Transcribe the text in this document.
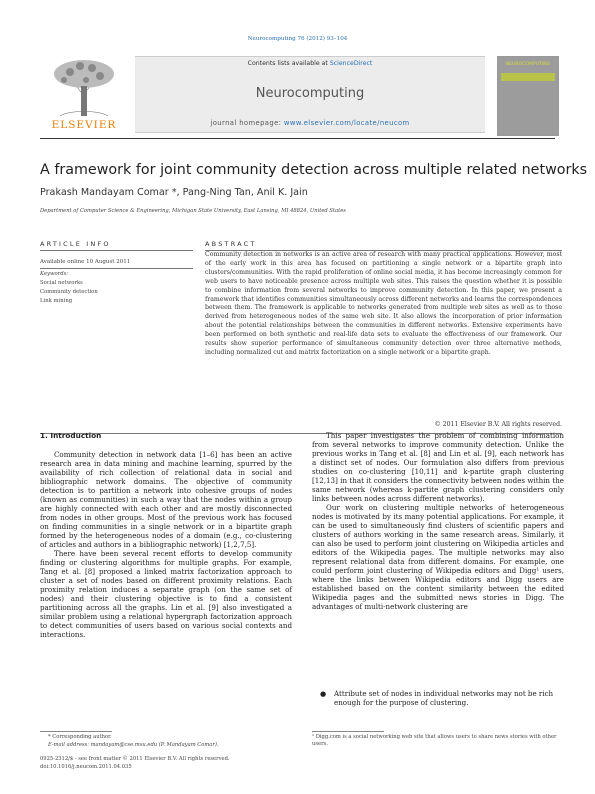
Neurocomputing 76 (2012) 93–104
Contents lists available at ScienceDirect
Neurocomputing
journal homepage: www.elsevier.com/locate/neucom
ELSEVIER
NEUROCOMPUTING
A framework for joint community detection across multiple related networks
Prakash Mandayam Comar *, Pang-Ning Tan, Anil K. Jain
Department of Computer Science & Engineering, Michigan State University, East Lansing, MI 48824, United States
ARTICLE INFO
Available online 10 August 2011
Keywords:
Social networks
Community detection
Link mining
ABSTRACT
Community detection in networks is an active area of research with many practical applications. However, most of the early work in this area has focused on partitioning a single network or a bipartite graph into clusters/communities. With the rapid proliferation of online social media, it has become increasingly common for web users to have noticeable presence across multiple web sites. This raises the question whether it is possible to combine information from several networks to improve community detection. In this paper, we present a framework that identifies communities simultaneously across different networks and learns the correspondences between them. The framework is applicable to networks generated from multiple web sites as well as to those derived from heterogeneous nodes of the same web site. It also allows the incorporation of prior information about the potential relationships between the communities in different networks. Extensive experiments have been performed on both synthetic and real-life data sets to evaluate the effectiveness of our framework. Our results show superior performance of simultaneous community detection over three alternative methods, including normalized cut and matrix factorization on a single network or a bipartite graph.
© 2011 Elsevier B.V. All rights reserved.
1. Introduction

Community detection in network data [1–6] has been an active research area in data mining and machine learning, spurred by the availability of rich collection of relational data in social and bibliographic network domains. The objective of community detection is to partition a network into cohesive groups of nodes (known as communities) in such a way that the nodes within a group are highly connected with each other and are mostly disconnected from nodes in other groups. Most of the previous work has focused on finding communities in a single network or in a bipartite graph formed by the heterogeneous nodes of a domain (e.g., co-clustering of articles and authors in a bibliographic network) [1,2,7,5].

There have been several recent efforts to develop community finding or clustering algorithms for multiple graphs. For example, Tang et al. [8] proposed a linked matrix factorization approach to cluster a set of nodes based on different proximity relations. Each proximity relation induces a separate graph (on the same set of nodes) and their clustering objective is to find a consistent partitioning across all the graphs. Lin et al. [9] also investigated a similar problem using a relational hypergraph factorization approach to detect communities of users based on various social contexts and interactions.

This paper investigates the problem of combining information from several networks to improve community detection. Unlike the previous works in Tang et al. [8] and Lin et al. [9], each network has a distinct set of nodes. Our formulation also differs from previous studies on co-clustering [10,11] and k-partite graph clustering [12,13] in that it considers the connectivity between nodes within the same network (whereas k-partite graph clustering considers only links between nodes across different networks).

Our work on clustering multiple networks of heterogeneous nodes is motivated by its many potential applications. For example, it can be used to simultaneously find clusters of scientific papers and clusters of authors working in the same research areas. Similarly, it can also be used to perform joint clustering on Wikipedia articles and editors of the Wikipedia pages. The multiple networks may also represent relational data from different domains. For example, one could perform joint clustering of Wikipedia editors and Digg¹ users, where the links between Wikipedia editors and Digg users are established based on the content similarity between the edited Wikipedia pages and the submitted news stories in Digg. The advantages of multi-network clustering are

● Attribute set of nodes in individual networks may not be rich enough for the purpose of clustering.
* Corresponding author.
E-mail address: mandayam@cse.msu.edu (P. Mandayam Comar).
0925-2312/$ - see front matter © 2011 Elsevier B.V. All rights reserved.
doi:10.1016/j.neucom.2011.04.035
¹ Digg.com is a social networking web site that allows users to share news stories with other users.
